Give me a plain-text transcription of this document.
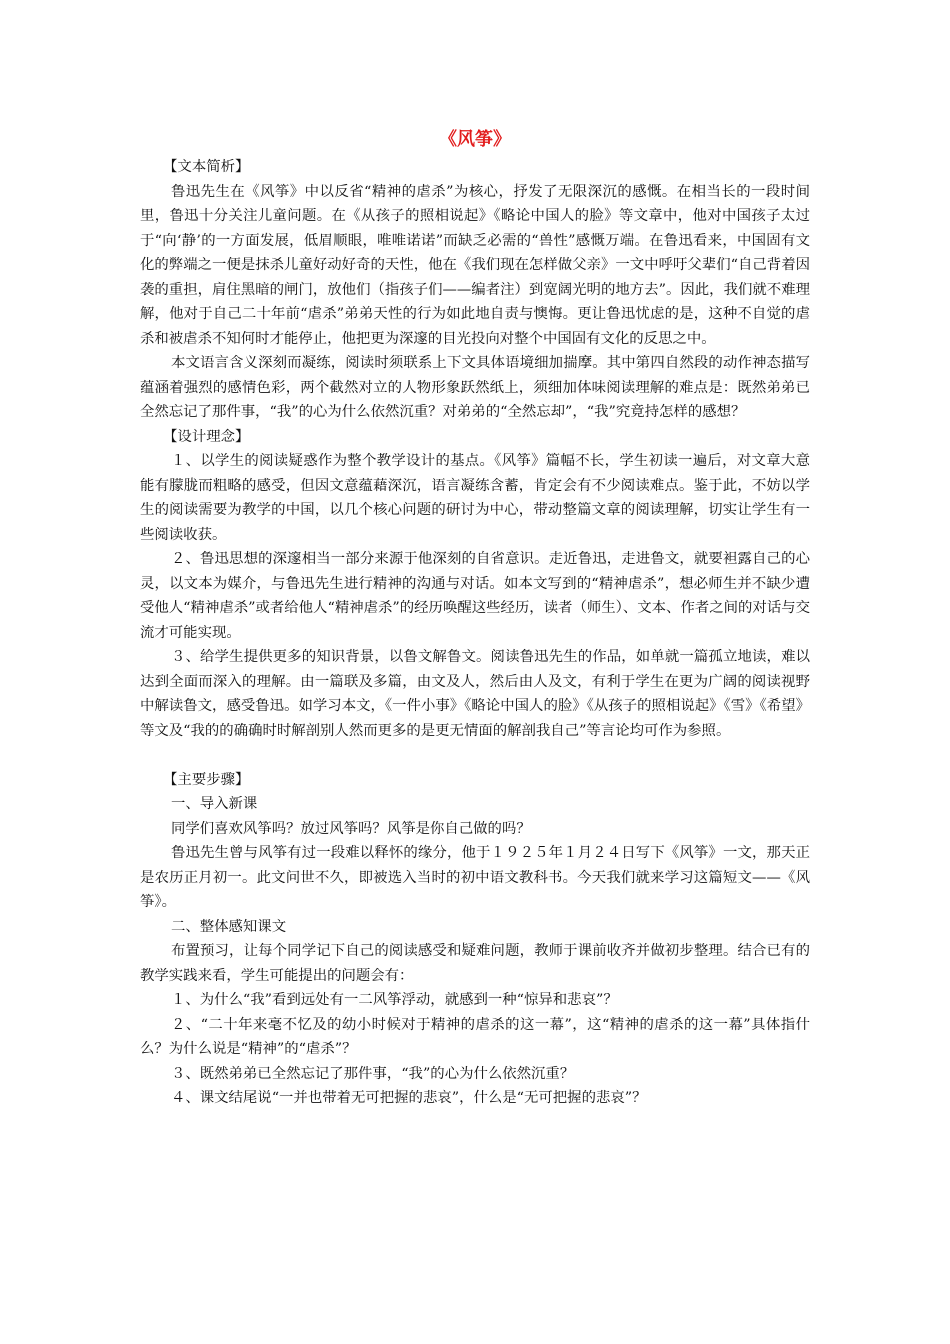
《风筝》

【文本简析】

鲁迅先生在《风筝》中以反省“精神的虐杀”为核心，抒发了无限深沉的感慨。在相当长的一段时间里，鲁迅十分关注儿童问题。在《从孩子的照相说起》《略论中国人的脸》等文章中，他对中国孩子太过于“向‘静’的一方面发展，低眉顺眼，唯唯诺诺”而缺乏必需的“兽性”感慨万端。在鲁迅看来，中国固有文化的弊端之一便是抹杀儿童好动好奇的天性，他在《我们现在怎样做父亲》一文中呼吁父辈们“自己背着因袭的重担，肩住黑暗的闸门，放他们（指孩子们——编者注）到宽阔光明的地方去”。因此，我们就不难理解，他对于自己二十年前“虐杀”弟弟天性的行为如此地自责与懊悔。更让鲁迅忧虑的是，这种不自觉的虐杀和被虐杀不知何时才能停止，他把更为深邃的目光投向对整个中国固有文化的反思之中。

本文语言含义深刻而凝练，阅读时须联系上下文具体语境细加揣摩。其中第四自然段的动作神态描写蕴涵着强烈的感情色彩，两个截然对立的人物形象跃然纸上，须细加体味阅读理解的难点是：既然弟弟已全然忘记了那件事，“我”的心为什么依然沉重？对弟弟的“全然忘却”，“我”究竟持怎样的感想？

【设计理念】

１、以学生的阅读疑惑作为整个教学设计的基点。《风筝》篇幅不长，学生初读一遍后，对文章大意能有朦胧而粗略的感受，但因文意蕴藉深沉，语言凝练含蓄，肯定会有不少阅读难点。鉴于此，不妨以学生的阅读需要为教学的中国，以几个核心问题的研讨为中心，带动整篇文章的阅读理解，切实让学生有一些阅读收获。

２、鲁迅思想的深邃相当一部分来源于他深刻的自省意识。走近鲁迅，走进鲁文，就要袒露自己的心灵，以文本为媒介，与鲁迅先生进行精神的沟通与对话。如本文写到的“精神虐杀”，想必师生并不缺少遭受他人“精神虐杀”或者给他人“精神虐杀”的经历唤醒这些经历，读者（师生）、文本、作者之间的对话与交流才可能实现。

３、给学生提供更多的知识背景，以鲁文解鲁文。阅读鲁迅先生的作品，如单就一篇孤立地读，难以达到全面而深入的理解。由一篇联及多篇，由文及人，然后由人及文，有利于学生在更为广阔的阅读视野中解读鲁文，感受鲁迅。如学习本文，《一件小事》《略论中国人的脸》《从孩子的照相说起》《雪》《希望》等文及“我的的确确时时解剖别人然而更多的是更无情面的解剖我自己”等言论均可作为参照。

【主要步骤】

一、导入新课

同学们喜欢风筝吗？放过风筝吗？风筝是你自己做的吗？

鲁迅先生曾与风筝有过一段难以释怀的缘分，他于１９２５年１月２４日写下《风筝》一文，那天正是农历正月初一。此文问世不久，即被选入当时的初中语文教科书。今天我们就来学习这篇短文——《风筝》。

二、整体感知课文

布置预习，让每个同学记下自己的阅读感受和疑难问题，教师于课前收齐并做初步整理。结合已有的教学实践来看，学生可能提出的问题会有：

１、为什么“我”看到远处有一二风筝浮动，就感到一种“惊异和悲哀”？

２、“二十年来毫不忆及的幼小时候对于精神的虐杀的这一幕”，这“精神的虐杀的这一幕”具体指什么？为什么说是“精神”的“虐杀”？

３、既然弟弟已全然忘记了那件事，“我”的心为什么依然沉重？

４、课文结尾说“一并也带着无可把握的悲哀”，什么是“无可把握的悲哀”？
